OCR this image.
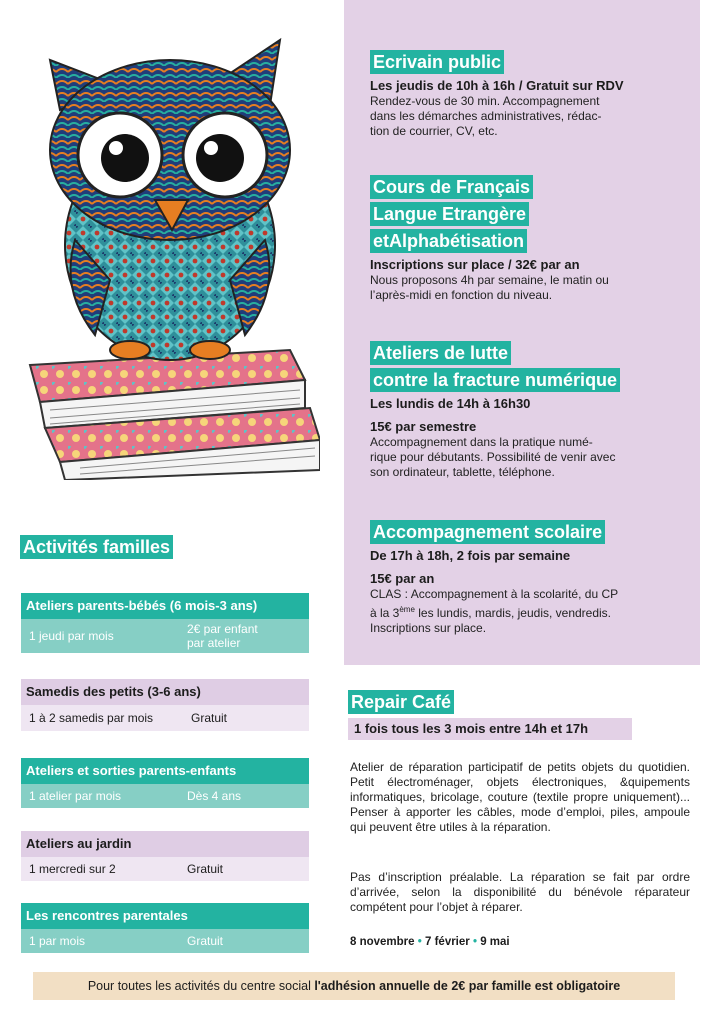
Ecrivain public
Les jeudis de 10h à 16h / Gratuit sur RDV
Rendez-vous de 30 min. Accompagnement
dans les démarches administratives, rédac-
tion de courrier, CV, etc.
Cours de Français
Langue Etrangère
etAlphabétisation
Inscriptions sur place / 32€ par an
Nous proposons 4h par semaine, le matin ou
l’après-midi en fonction du niveau.
Ateliers de lutte
contre la fracture numérique
Les lundis de 14h à 16h30
15€ par semestre
Accompagnement dans la pratique numé-
rique pour débutants. Possibilité de venir avec
son ordinateur, tablette, téléphone.
Accompagnement scolaire
De 17h à 18h, 2 fois par semaine
15€ par an
CLAS : Accompagnement à la scolarité, du CP
à la 3ème les lundis, mardis, jeudis, vendredis.
Inscriptions sur place.
Repair Café
1 fois tous les 3 mois entre 14h et 17h
Atelier de réparation participatif de petits objets du quotidien. Petit électroménager, objets électroniques, &quipements informatiques, bricolage, couture (textile propre uniquement)... Penser à apporter les câbles, mode d’emploi, piles, ampoule qui peuvent être utiles à la réparation.
Pas d’inscription préalable. La réparation se fait par ordre d’arrivée, selon la disponibilité du bénévole réparateur compétent pour l’objet à réparer.
8 novembre • 7 février • 9 mai
Activités familles
Ateliers parents-bébés (6 mois-3 ans)
1 jeudi par mois	2€ par enfant
par atelier
Samedis des petits (3-6 ans)
1 à 2 samedis par mois	Gratuit
Ateliers et sorties parents-enfants
1 atelier par mois	Dès 4 ans
Ateliers au jardin
1 mercredi sur 2	Gratuit
Les rencontres parentales
1 par mois	Gratuit
Pour toutes les activités du centre social l'adhésion annuelle de 2€ par famille est obligatoire
